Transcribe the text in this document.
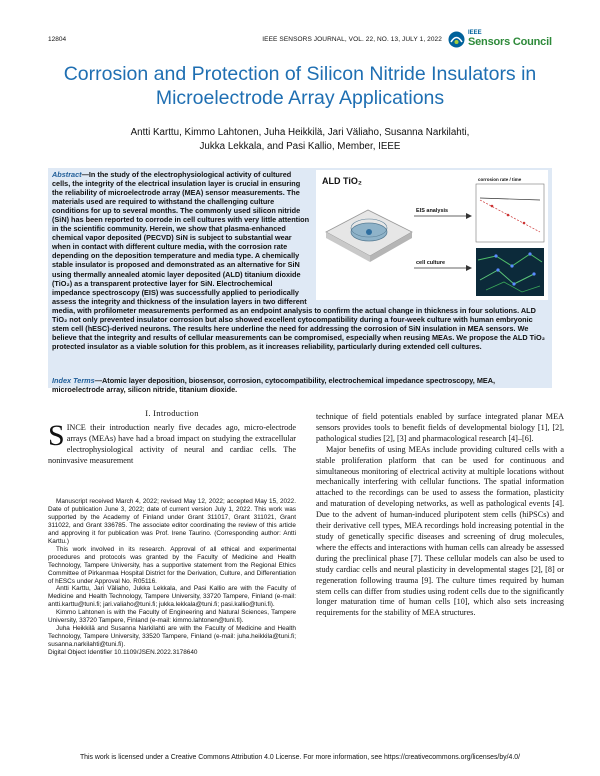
12804	IEEE SENSORS JOURNAL, VOL. 22, NO. 13, JULY 1, 2022
IEEE
Sensors Council
Corrosion and Protection of Silicon Nitride Insulators in Microelectrode Array Applications
Antti Karttu, Kimmo Lahtonen, Juha Heikkilä, Jari Väliaho, Susanna Narkilahti,
Jukka Lekkala, and Pasi Kallio, Member, IEEE
ALD TiO₂
EIS analysis
cell culture
corrosion rate / time
Abstract—In the study of the electrophysiological activity of cultured cells, the integrity of the electrical insulation layer is crucial in ensuring the reliability of microelectrode array (MEA) sensor measurements. The materials used are required to withstand the challenging culture conditions for up to several months. The commonly used silicon nitride (SiN) has been reported to corrode in cell cultures with very little attention in the scientific community. Herein, we show that plasma-enhanced chemical vapor deposited (PECVD) SiN is subject to substantial wear when in contact with different culture media, with the corrosion rate depending on the deposition temperature and media type. A chemically stable insulator is proposed and demonstrated as an alternative for SiN using thermally annealed atomic layer deposited (ALD) titanium dioxide (TiO₂) as a transparent protective layer for SiN. Electrochemical impedance spectroscopy (EIS) was successfully applied to periodically assess the integrity and thickness of the insulation layers in two different media, with profilometer measurements performed as an endpoint analysis to confirm the actual change in thickness in four solutions. ALD TiO₂ not only prevented insulator corrosion but also showed excellent cytocompatibility during a four-week culture with human embryonic stem cell (hESC)-derived neurons. The results here underline the need for addressing the corrosion of SiN insulation in MEA sensors. We believe that the integrity and results of cellular measurements can be compromised, especially when reusing MEAs. We propose the ALD TiO₂ protected insulator as a viable solution for this problem, as it increases reliability, particularly during extended cell cultures.
Index Terms—Atomic layer deposition, biosensor, corrosion, cytocompatibility, electrochemical impedance spectroscopy, MEA, microelectrode array, silicon nitride, titanium dioxide.
I. Introduction
SINCE their introduction nearly five decades ago, micro-electrode arrays (MEAs) have had a broad impact on studying the extracellular electrophysiological activity of neural and cardiac cells. The noninvasive measurement

Manuscript received March 4, 2022; revised May 12, 2022; accepted May 15, 2022. Date of publication June 3, 2022; date of current version July 1, 2022. This work was supported by the Academy of Finland under Grant 311017, Grant 311021, Grant 311022, and Grant 336785. The associate editor coordinating the review of this article and approving it for publication was Prof. Irene Taurino. (Corresponding author: Antti Karttu.)

This work involved in its research. Approval of all ethical and experimental procedures and protocols was granted by the Faculty of Medicine and Health Technology, Tampere University, has a supportive statement from the Regional Ethics Committee of Pirkanmaa Hospital District for the Derivation, Culture, and Differentiation of hESCs under Approval No. R05116.

Antti Karttu, Jari Väliaho, Jukka Lekkala, and Pasi Kallio are with the Faculty of Medicine and Health Technology, Tampere University, 33720 Tampere, Finland (e-mail: antti.karttu@tuni.fi; jari.valiaho@tuni.fi; jukka.lekkala@tuni.fi; pasi.kallio@tuni.fi).

Kimmo Lahtonen is with the Faculty of Engineering and Natural Sciences, Tampere University, 33720 Tampere, Finland (e-mail: kimmo.lahtonen@tuni.fi).

Juha Heikkilä and Susanna Narkilahti are with the Faculty of Medicine and Health Technology, Tampere University, 33520 Tampere, Finland (e-mail: juha.heikkila@tuni.fi; susanna.narkilahti@tuni.fi).

Digital Object Identifier 10.1109/JSEN.2022.3178640

technique of field potentials enabled by surface integrated planar MEA sensors provides tools to benefit fields of developmental biology [1], [2], pathological studies [2], [3] and pharmacological research [4]–[6].
Major benefits of using MEAs include providing cultured cells with a stable proliferation platform that can be used for continuous and simultaneous monitoring of electrical activity at multiple locations without mechanically interfering with cellular functions. The spatial information attached to the recordings can be used to assess the formation, plasticity and maturation of developing networks, as well as pathological events [4]. Due to the advent of human-induced pluripotent stem cells (hiPSCs) and their derivative cell types, MEA recordings hold increasing potential in the study of genetically specific diseases and screening of drug molecules, where the effects and interactions with human cells can already be assessed during the preclinical phase [7]. These cellular models can also be used to study cardiac cells and neural plasticity in developmental stages [2], [8] or regeneration following trauma [9]. The culture times required by human stem cells can differ from studies using rodent cells due to the significantly longer maturation time of human cells [10], which also sets increasing requirements for the stability of MEA structures.
This work is licensed under a Creative Commons Attribution 4.0 License. For more information, see https://creativecommons.org/licenses/by/4.0/
